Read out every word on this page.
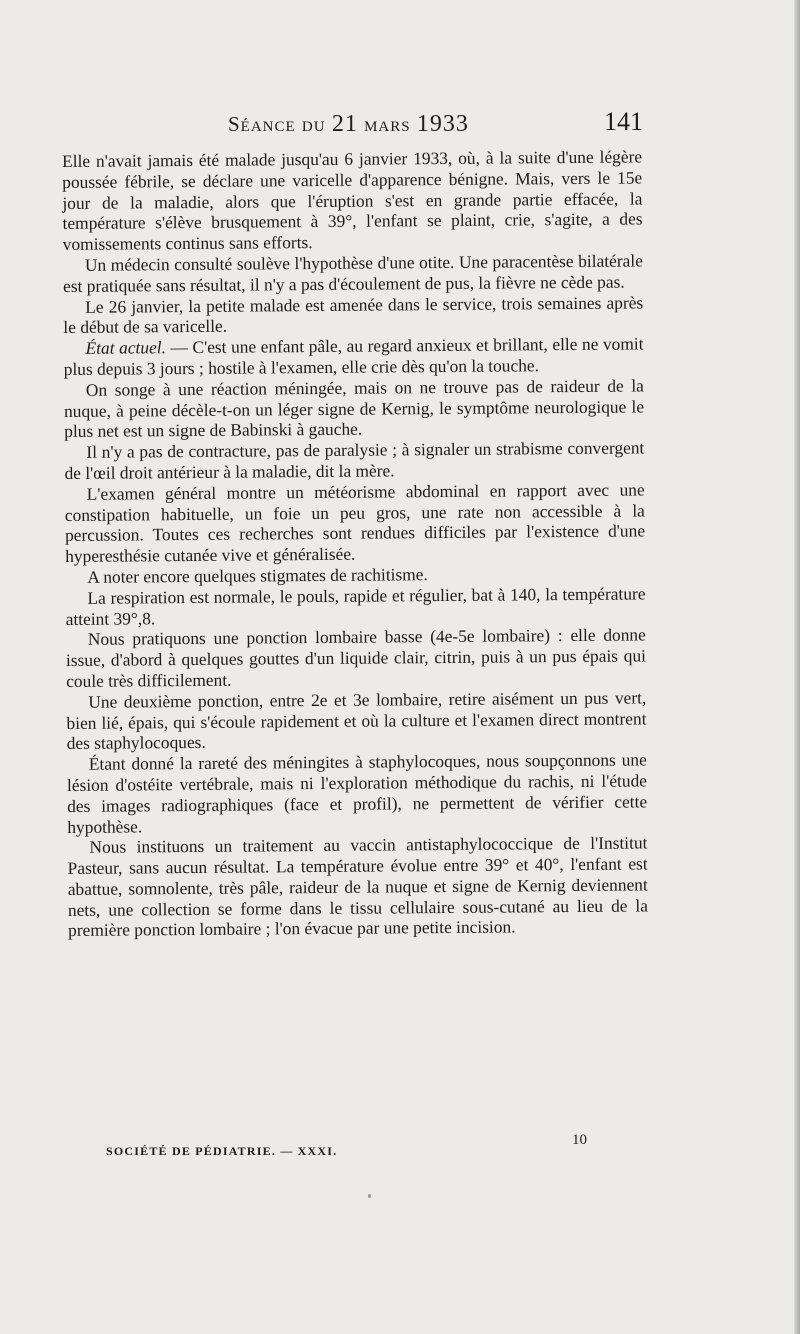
Séance du 21 mars 1933	141

Elle n'avait jamais été malade jusqu'au 6 janvier 1933, où, à la suite d'une légère poussée fébrile, se déclare une varicelle d'apparence bénigne. Mais, vers le 15e jour de la maladie, alors que l'éruption s'est en grande partie effacée, la température s'élève brusquement à 39°, l'enfant se plaint, crie, s'agite, a des vomissements continus sans efforts.

Un médecin consulté soulève l'hypothèse d'une otite. Une paracentèse bilatérale est pratiquée sans résultat, il n'y a pas d'écoulement de pus, la fièvre ne cède pas.

Le 26 janvier, la petite malade est amenée dans le service, trois semaines après le début de sa varicelle.

État actuel. — C'est une enfant pâle, au regard anxieux et brillant, elle ne vomit plus depuis 3 jours ; hostile à l'examen, elle crie dès qu'on la touche.

On songe à une réaction méningée, mais on ne trouve pas de raideur de la nuque, à peine décèle-t-on un léger signe de Kernig, le symptôme neurologique le plus net est un signe de Babinski à gauche.

Il n'y a pas de contracture, pas de paralysie ; à signaler un strabisme convergent de l'œil droit antérieur à la maladie, dit la mère.

L'examen général montre un météorisme abdominal en rapport avec une constipation habituelle, un foie un peu gros, une rate non accessible à la percussion. Toutes ces recherches sont rendues difficiles par l'existence d'une hyperesthésie cutanée vive et généralisée.

A noter encore quelques stigmates de rachitisme.

La respiration est normale, le pouls, rapide et régulier, bat à 140, la température atteint 39°,8.

Nous pratiquons une ponction lombaire basse (4e-5e lombaire) : elle donne issue, d'abord à quelques gouttes d'un liquide clair, citrin, puis à un pus épais qui coule très difficilement.

Une deuxième ponction, entre 2e et 3e lombaire, retire aisément un pus vert, bien lié, épais, qui s'écoule rapidement et où la culture et l'examen direct montrent des staphylocoques.

Étant donné la rareté des méningites à staphylocoques, nous soupçonnons une lésion d'ostéite vertébrale, mais ni l'exploration méthodique du rachis, ni l'étude des images radiographiques (face et profil), ne permettent de vérifier cette hypothèse.

Nous instituons un traitement au vaccin antistaphylococcique de l'Institut Pasteur, sans aucun résultat. La température évolue entre 39° et 40°, l'enfant est abattue, somnolente, très pâle, raideur de la nuque et signe de Kernig deviennent nets, une collection se forme dans le tissu cellulaire sous-cutané au lieu de la première ponction lombaire ; l'on évacue par une petite incision.

SOCIÉTÉ DE PÉDIATRIE. — XXXI.
10
